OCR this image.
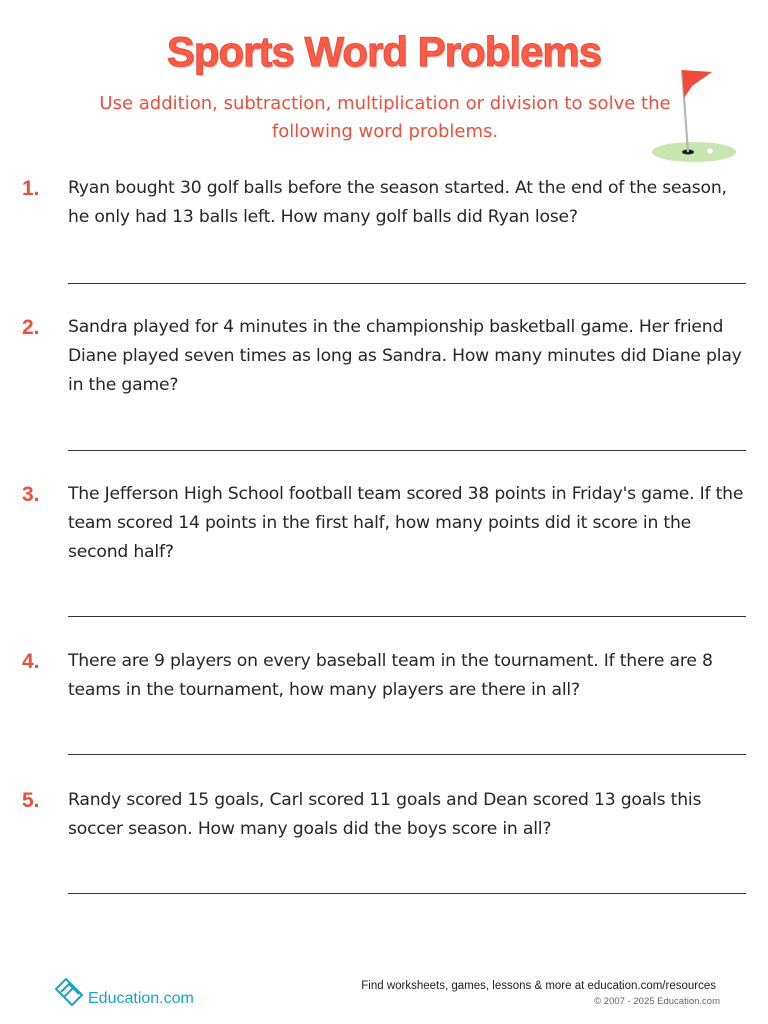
Sports Word Problems
Use addition, subtraction, multiplication or division to solve the following word problems.
1.	Ryan bought 30 golf balls before the season started. At the end of the season, he only had 13 balls left. How many golf balls did Ryan lose?
2.	Sandra played for 4 minutes in the championship basketball game. Her friend Diane played seven times as long as Sandra. How many minutes did Diane play in the game?
3.	The Jefferson High School football team scored 38 points in Friday's game. If the team scored 14 points in the first half, how many points did it score in the second half?
4.	There are 9 players on every baseball team in the tournament. If there are 8 teams in the tournament, how many players are there in all?
5.	Randy scored 15 goals, Carl scored 11 goals and Dean scored 13 goals this soccer season. How many goals did the boys score in all?
Education.com
Find worksheets, games, lessons & more at education.com/resources
© 2007 - 2025 Education.com
